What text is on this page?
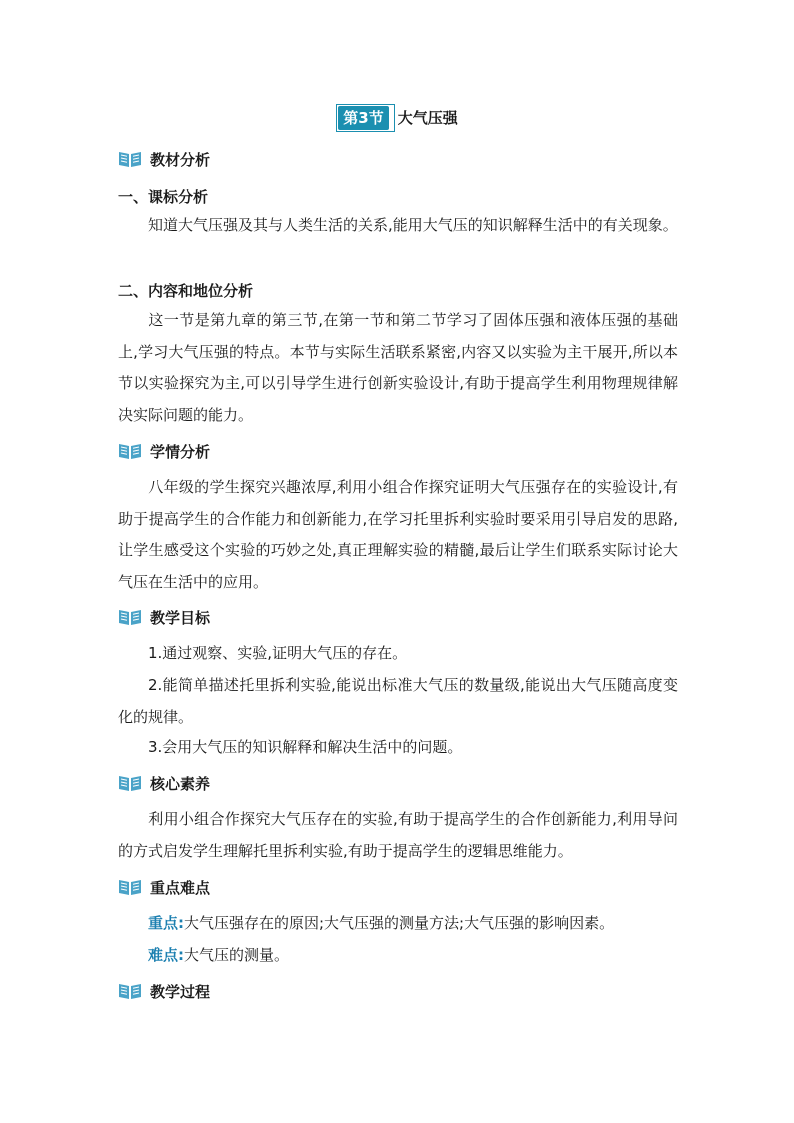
第3节 大气压强
教材分析
一、课标分析
知道大气压强及其与人类生活的关系,能用大气压的知识解释生活中的有关现象。
二、内容和地位分析
这一节是第九章的第三节,在第一节和第二节学习了固体压强和液体压强的基础上,学习大气压强的特点。本节与实际生活联系紧密,内容又以实验为主干展开,所以本节以实验探究为主,可以引导学生进行创新实验设计,有助于提高学生利用物理规律解决实际问题的能力。
学情分析
八年级的学生探究兴趣浓厚,利用小组合作探究证明大气压强存在的实验设计,有助于提高学生的合作能力和创新能力,在学习托里拆利实验时要采用引导启发的思路,让学生感受这个实验的巧妙之处,真正理解实验的精髓,最后让学生们联系实际讨论大气压在生活中的应用。
教学目标
1.通过观察、实验,证明大气压的存在。
2.能简单描述托里拆利实验,能说出标准大气压的数量级,能说出大气压随高度变化的规律。
3.会用大气压的知识解释和解决生活中的问题。
核心素养
利用小组合作探究大气压存在的实验,有助于提高学生的合作创新能力,利用导问的方式启发学生理解托里拆利实验,有助于提高学生的逻辑思维能力。
重点难点
重点:大气压强存在的原因;大气压强的测量方法;大气压强的影响因素。
难点:大气压的测量。
教学过程
